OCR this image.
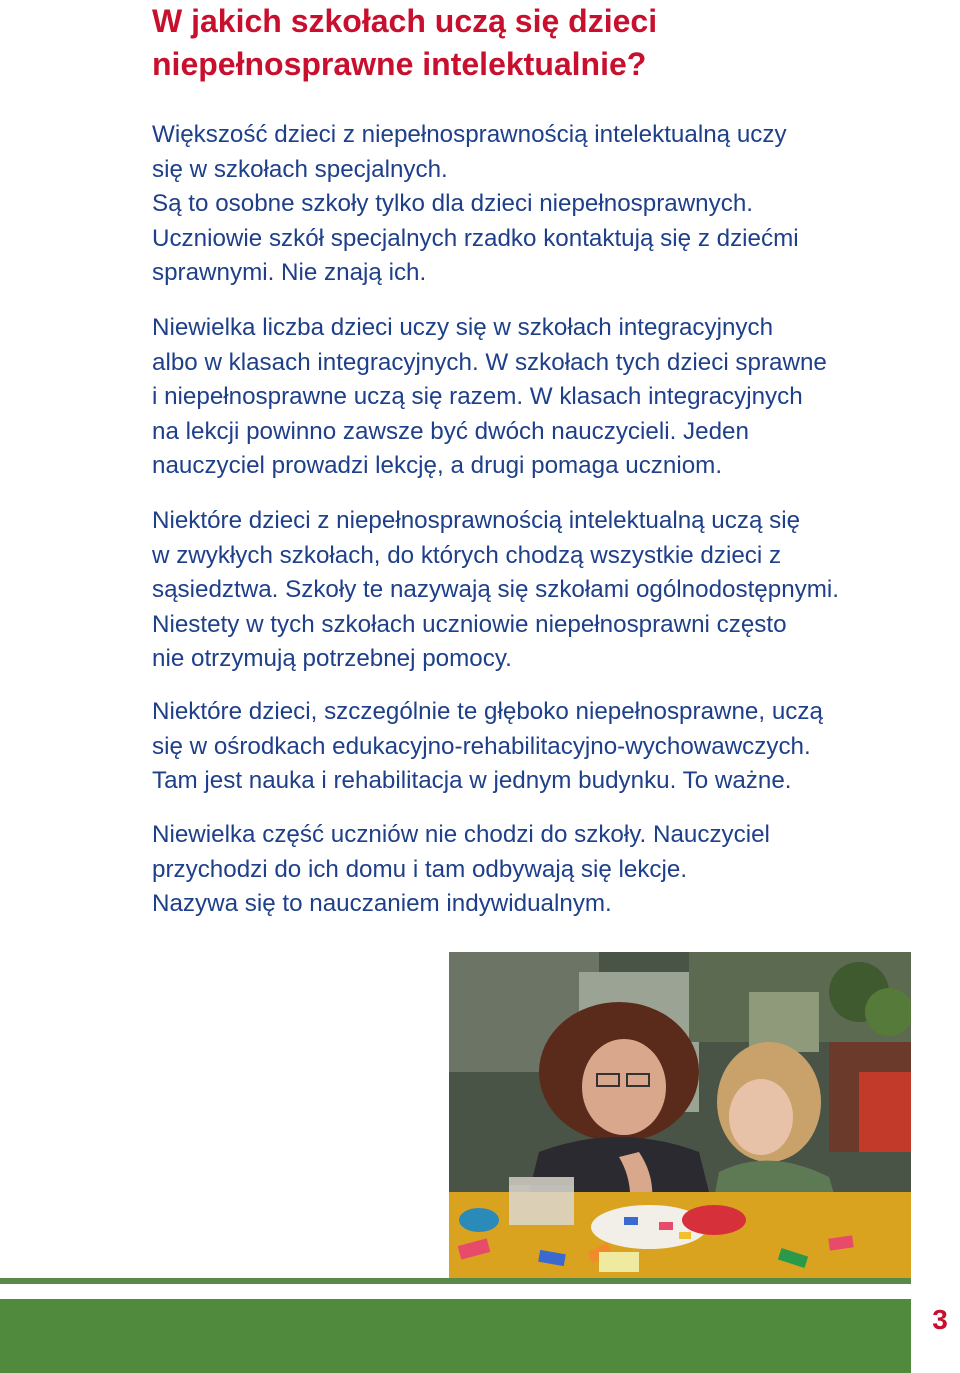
W jakich szkołach uczą się dzieci
niepełnosprawne intelektualnie?

Większość dzieci z niepełnosprawnością intelektualną uczy
się w szkołach specjalnych.
Są to osobne szkoły tylko dla dzieci niepełnosprawnych.
Uczniowie szkół specjalnych rzadko kontaktują się z dziećmi
sprawnymi. Nie znają ich.

Niewielka liczba dzieci uczy się w szkołach integracyjnych
albo w klasach integracyjnych. W szkołach tych dzieci sprawne
i niepełnosprawne uczą się razem. W klasach integracyjnych
na lekcji powinno zawsze być dwóch nauczycieli. Jeden
nauczyciel prowadzi lekcję, a drugi pomaga uczniom.

Niektóre dzieci z niepełnosprawnością intelektualną uczą się
w zwykłych szkołach, do których chodzą wszystkie dzieci z
sąsiedztwa. Szkoły te nazywają się szkołami ogólnodostępnymi.
Niestety w tych szkołach uczniowie niepełnosprawni często
nie otrzymują potrzebnej pomocy.

Niektóre dzieci, szczególnie te głęboko niepełnosprawne, uczą
się w ośrodkach edukacyjno-rehabilitacyjno-wychowawczych.
Tam jest nauka i rehabilitacja w jednym budynku. To ważne.

Niewielka część uczniów nie chodzi do szkoły. Nauczyciel
przychodzi do ich domu i tam odbywają się lekcje.
Nazywa się to nauczaniem indywidualnym.

3
